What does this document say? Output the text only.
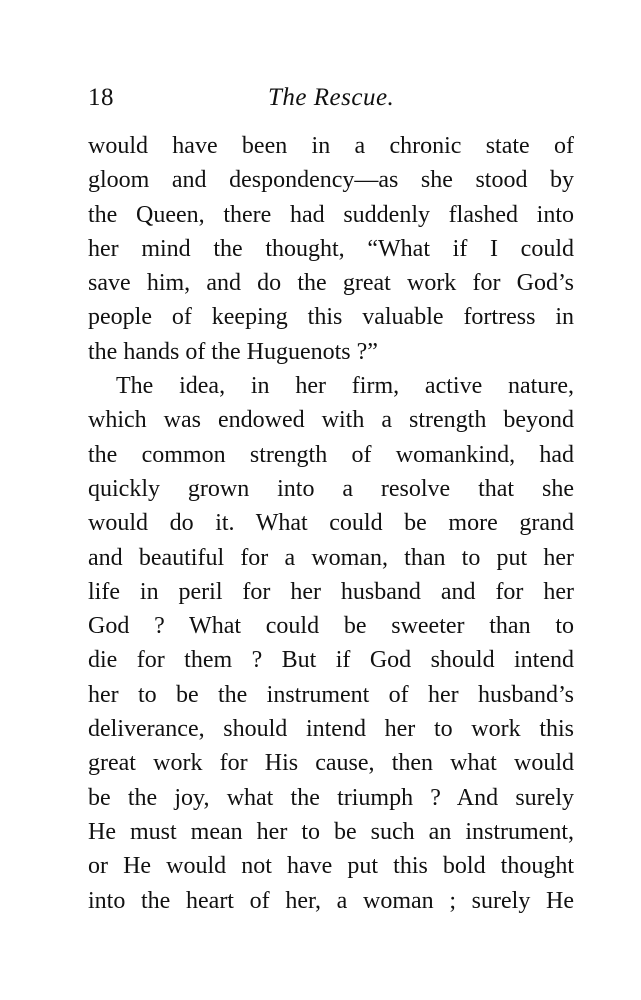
18	The Rescue.
would have been in a chronic state of
gloom and despondency—as she stood by
the Queen, there had suddenly flashed into
her mind the thought, “What if I could
save him, and do the great work for God’s
people of keeping this valuable fortress in
the hands of the Huguenots ?”
The idea, in her firm, active nature,
which was endowed with a strength beyond
the common strength of womankind, had
quickly grown into a resolve that she
would do it. What could be more grand
and beautiful for a woman, than to put her
life in peril for her husband and for her
God ? What could be sweeter than to
die for them ? But if God should intend
her to be the instrument of her husband’s
deliverance, should intend her to work this
great work for His cause, then what would
be the joy, what the triumph ? And surely
He must mean her to be such an instrument,
or He would not have put this bold thought
into the heart of her, a woman ; surely He
